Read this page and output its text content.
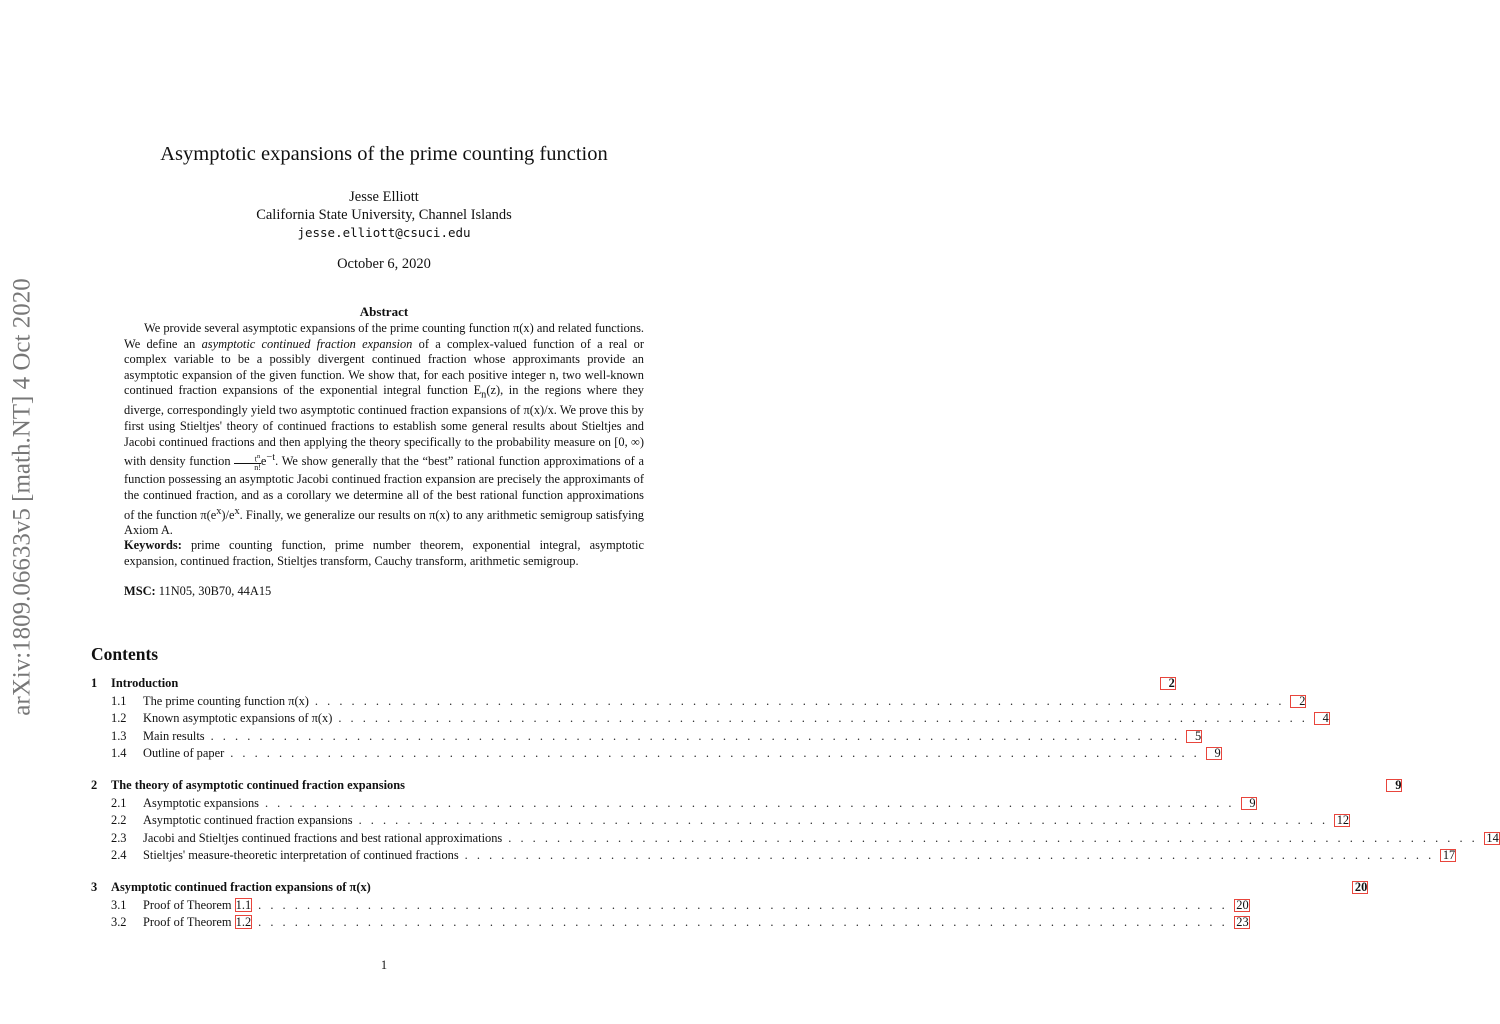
arXiv:1809.06633v5 [math.NT] 4 Oct 2020
Asymptotic expansions of the prime counting function
Jesse Elliott
California State University, Channel Islands
jesse.elliott@csuci.edu
October 6, 2020
Abstract
We provide several asymptotic expansions of the prime counting function π(x) and related functions. We define an asymptotic continued fraction expansion of a complex-valued function of a real or complex variable to be a possibly divergent continued fraction whose approximants provide an asymptotic expansion of the given function. We show that, for each positive integer n, two well-known continued fraction expansions of the exponential integral function $E_n(z)$, in the regions where they diverge, correspondingly yield two asymptotic continued fraction expansions of π(x)/x. We prove this by first using Stieltjes' theory of continued fractions to establish some general results about Stieltjes and Jacobi continued fractions and then applying the theory specifically to the probability measure on [0, ∞) with density function $\frac{t^n}{n!} e^{-t}$. We show generally that the “best” rational function approximations of a function possessing an asymptotic Jacobi continued fraction expansion are precisely the approximants of the continued fraction, and as a corollary we determine all of the best rational function approximations of the function $\pi(e^x)/e^x$. Finally, we generalize our results on π(x) to any arithmetic semigroup satisfying Axiom A.
Keywords: prime counting function, prime number theorem, exponential integral, asymptotic expansion, continued fraction, Stieltjes transform, Cauchy transform, arithmetic semigroup.
MSC: 11N05, 30B70, 44A15
Contents
1	Introduction	2
1.1	The prime counting function π(x) . . . . . . . . . . . . . . . . . . . . . . . . . . . . . . . . . . . . . . . . . . . . . . . . . . . . . . . . . . . . . . . . . . . . . . . . . . . . . . . .	2
1.2	Known asymptotic expansions of π(x) . . . . . . . . . . . . . . . . . . . . . . . . . . . . . . . . . . . . . . . . . . . . . . . . . . . . . . . . . . . . . . . . . . . . . . . . . . . . . . . .	4
1.3	Main results . . . . . . . . . . . . . . . . . . . . . . . . . . . . . . . . . . . . . . . . . . . . . . . . . . . . . . . . . . . . . . . . . . . . . . . . . . . . . . . .	5
1.4	Outline of paper . . . . . . . . . . . . . . . . . . . . . . . . . . . . . . . . . . . . . . . . . . . . . . . . . . . . . . . . . . . . . . . . . . . . . . . . . . . . . . . .	9
2	The theory of asymptotic continued fraction expansions	9
2.1	Asymptotic expansions . . . . . . . . . . . . . . . . . . . . . . . . . . . . . . . . . . . . . . . . . . . . . . . . . . . . . . . . . . . . . . . . . . . . . . . . . . . . . . . .	9
2.2	Asymptotic continued fraction expansions . . . . . . . . . . . . . . . . . . . . . . . . . . . . . . . . . . . . . . . . . . . . . . . . . . . . . . . . . . . . . . . . . . . . . . . . . . . . . . . . 12
2.3	Jacobi and Stieltjes continued fractions and best rational approximations . . . . . . . . . . . . . . . . . . . . . . . . . . . . . . . . . . . . . . . . . . . . . . . . . . . . . . . . . . . . . . . . . . . . . . . . . . . . . . . . 14
2.4	Stieltjes' measure-theoretic interpretation of continued fractions . . . . . . . . . . . . . . . . . . . . . . . . . . . . . . . . . . . . . . . . . . . . . . . . . . . . . . . . . . . . . . . . . . . . . . . . . . . . . . . . 17
3	Asymptotic continued fraction expansions of π(x)	20
3.1	Proof of Theorem 1.1 . . . . . . . . . . . . . . . . . . . . . . . . . . . . . . . . . . . . . . . . . . . . . . . . . . . . . . . . . . . . . . . . . . . . . . . . . . . . . . . . 20
3.2	Proof of Theorem 1.2 . . . . . . . . . . . . . . . . . . . . . . . . . . . . . . . . . . . . . . . . . . . . . . . . . . . . . . . . . . . . . . . . . . . . . . . . . . . . . . . . 23
1
